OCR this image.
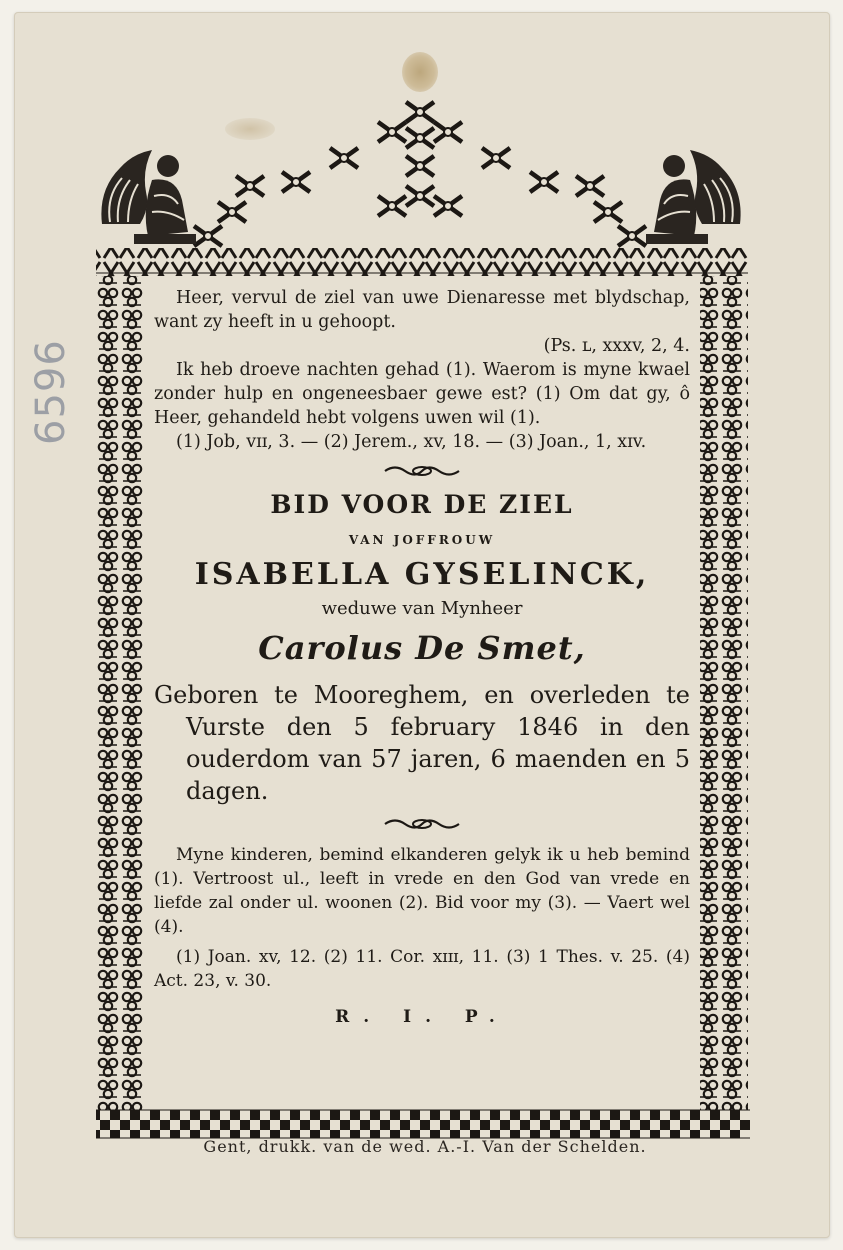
6596

Heer, vervul de ziel van uwe Dienaresse met blydschap, want zy heeft in u gehoopt.

(Ps. ʟ, xxxv, 2, 4.

Ik heb droeve nachten gehad (1). Waerom is myne kwael zonder hulp en ongeneesbaer gewe est? (1) Om dat gy, ô Heer, gehandeld hebt volgens uwen wil (1).

(1) Job, vɪɪ, 3. — (2) Jerem., xv, 18. — (3) Joan., 1, xɪv.

BID VOOR DE ZIEL
VAN JOFFROUW
ISABELLA GYSELINCK,
weduwe van Mynheer
Carolus De Smet,

Geboren te Mooreghem, en overleden te Vurste den 5 february 1846 in den ouderdom van 57 jaren, 6 maenden en 5 dagen.

Myne kinderen, bemind elkanderen gelyk ik u heb bemind (1). Vertroost ul., leeft in vrede en den God van vrede en liefde zal onder ul. woonen (2). Bid voor my (3). — Vaert wel (4).

(1) Joan. xv, 12. (2) 11. Cor. xɪɪɪ, 11. (3) 1 Thes. v. 25. (4) Act. 23, v. 30.

R. I. P.
Gent, drukk. van de wed. A.-I. Van der Schelden.
